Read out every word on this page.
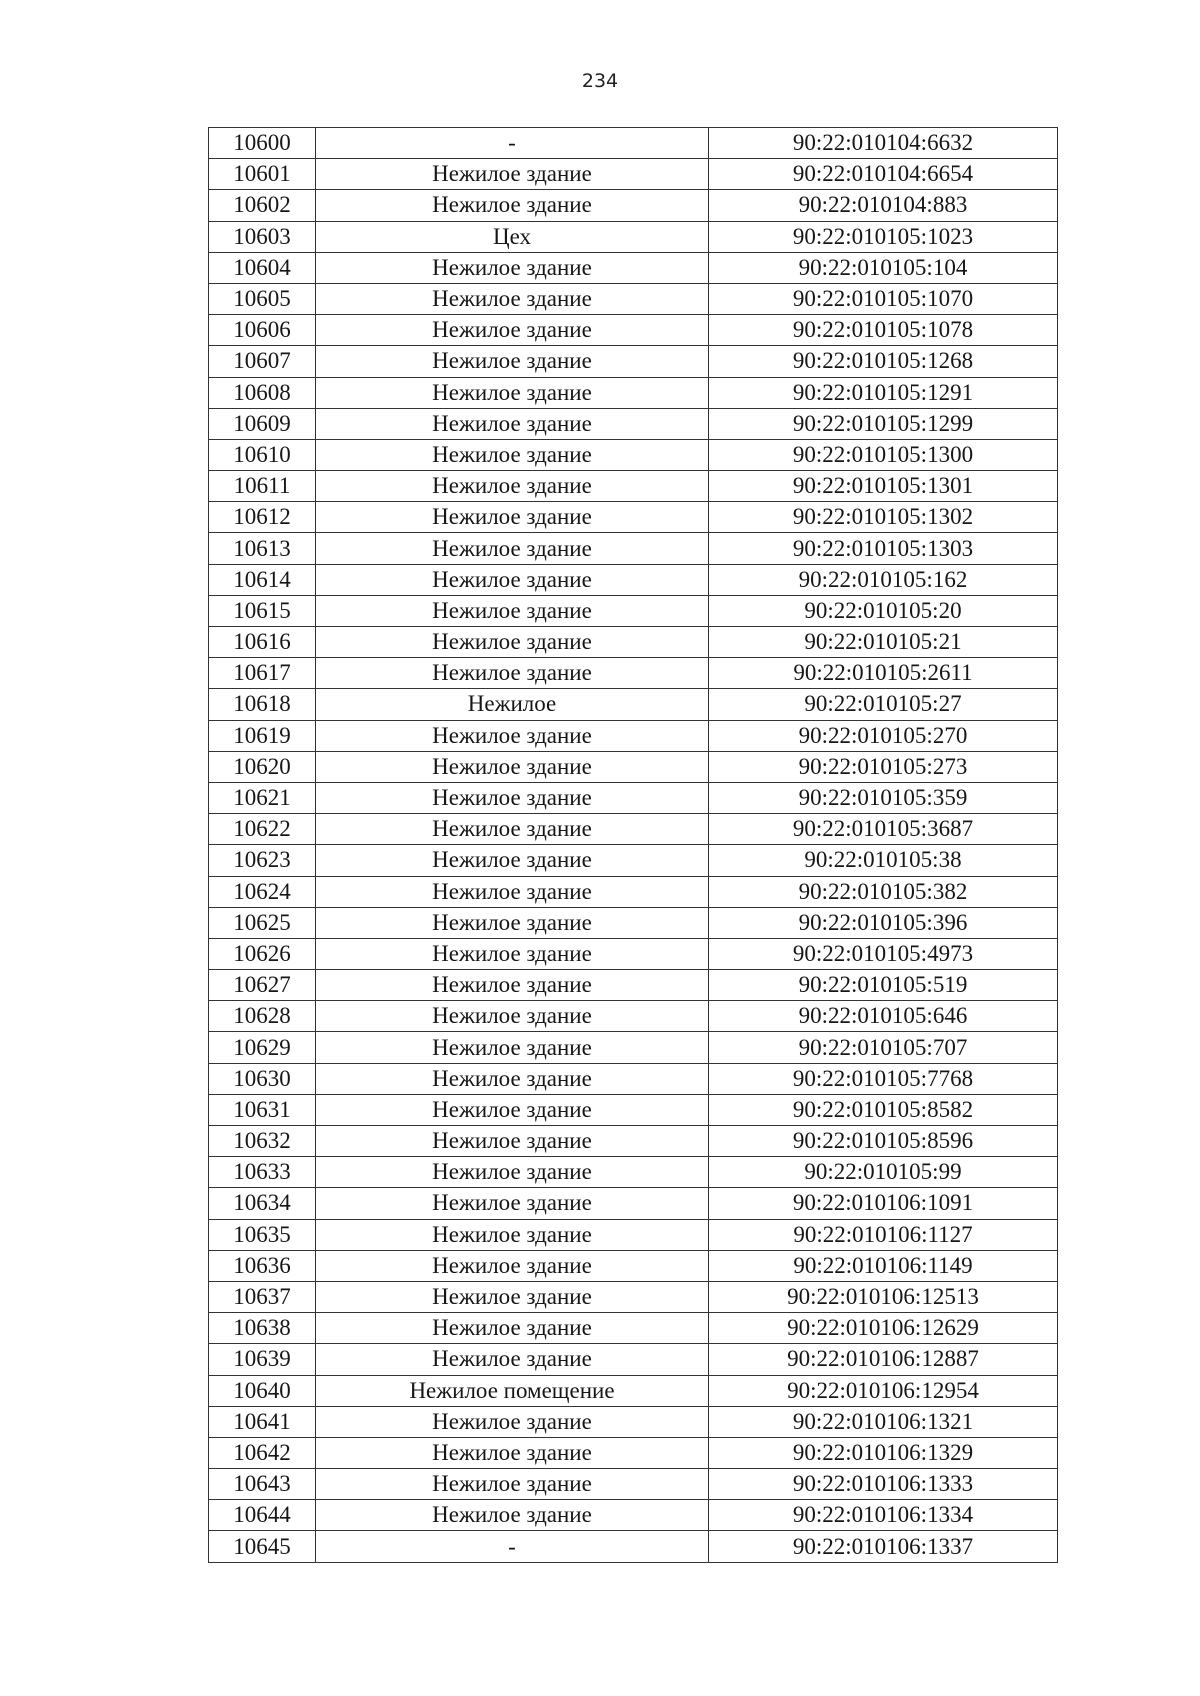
234
10600	-	90:22:010104:6632
10601	Нежилое здание	90:22:010104:6654
10602	Нежилое здание	90:22:010104:883
10603	Цех	90:22:010105:1023
10604	Нежилое здание	90:22:010105:104
10605	Нежилое здание	90:22:010105:1070
10606	Нежилое здание	90:22:010105:1078
10607	Нежилое здание	90:22:010105:1268
10608	Нежилое здание	90:22:010105:1291
10609	Нежилое здание	90:22:010105:1299
10610	Нежилое здание	90:22:010105:1300
10611	Нежилое здание	90:22:010105:1301
10612	Нежилое здание	90:22:010105:1302
10613	Нежилое здание	90:22:010105:1303
10614	Нежилое здание	90:22:010105:162
10615	Нежилое здание	90:22:010105:20
10616	Нежилое здание	90:22:010105:21
10617	Нежилое здание	90:22:010105:2611
10618	Нежилое	90:22:010105:27
10619	Нежилое здание	90:22:010105:270
10620	Нежилое здание	90:22:010105:273
10621	Нежилое здание	90:22:010105:359
10622	Нежилое здание	90:22:010105:3687
10623	Нежилое здание	90:22:010105:38
10624	Нежилое здание	90:22:010105:382
10625	Нежилое здание	90:22:010105:396
10626	Нежилое здание	90:22:010105:4973
10627	Нежилое здание	90:22:010105:519
10628	Нежилое здание	90:22:010105:646
10629	Нежилое здание	90:22:010105:707
10630	Нежилое здание	90:22:010105:7768
10631	Нежилое здание	90:22:010105:8582
10632	Нежилое здание	90:22:010105:8596
10633	Нежилое здание	90:22:010105:99
10634	Нежилое здание	90:22:010106:1091
10635	Нежилое здание	90:22:010106:1127
10636	Нежилое здание	90:22:010106:1149
10637	Нежилое здание	90:22:010106:12513
10638	Нежилое здание	90:22:010106:12629
10639	Нежилое здание	90:22:010106:12887
10640	Нежилое помещение	90:22:010106:12954
10641	Нежилое здание	90:22:010106:1321
10642	Нежилое здание	90:22:010106:1329
10643	Нежилое здание	90:22:010106:1333
10644	Нежилое здание	90:22:010106:1334
10645	-	90:22:010106:1337
